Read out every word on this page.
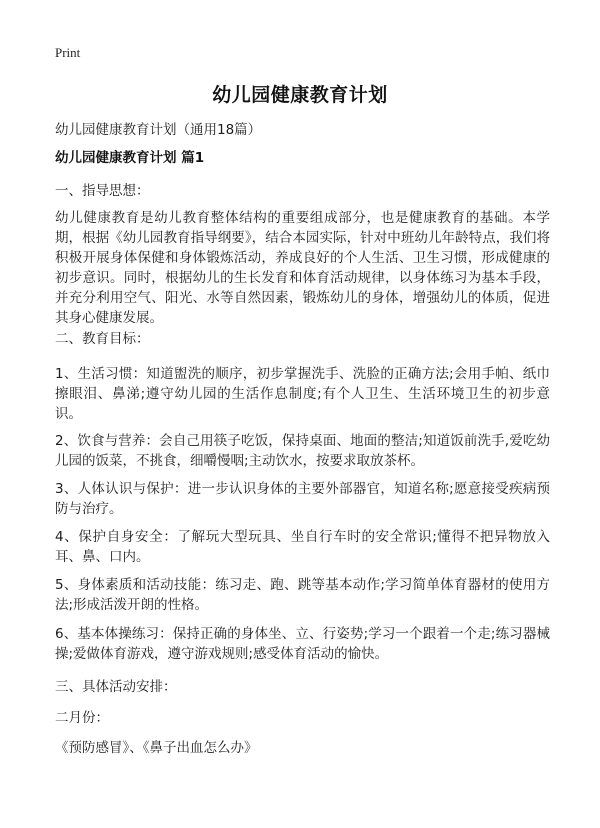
Print
幼儿园健康教育计划

幼儿园健康教育计划（通用18篇）

幼儿园健康教育计划 篇1

一、指导思想：

幼儿健康教育是幼儿教育整体结构的重要组成部分，也是健康教育的基础。本学期，根据《幼儿园教育指导纲要》，结合本园实际，针对中班幼儿年龄特点，我们将积极开展身体保健和身体锻炼活动，养成良好的个人生活、卫生习惯，形成健康的初步意识。同时，根据幼儿的生长发育和体育活动规律，以身体练习为基本手段，并充分利用空气、阳光、水等自然因素，锻炼幼儿的身体，增强幼儿的体质，促进其身心健康发展。

二、教育目标：

1、生活习惯：知道盥洗的顺序，初步掌握洗手、洗脸的正确方法;会用手帕、纸巾擦眼泪、鼻涕;遵守幼儿园的生活作息制度;有个人卫生、生活环境卫生的初步意识。

2、饮食与营养：会自己用筷子吃饭，保持桌面、地面的整洁;知道饭前洗手,爱吃幼儿园的饭菜，不挑食，细嚼慢咽;主动饮水，按要求取放茶杯。

3、人体认识与保护：进一步认识身体的主要外部器官，知道名称;愿意接受疾病预防与治疗。

4、保护自身安全：了解玩大型玩具、坐自行车时的安全常识;懂得不把异物放入耳、鼻、口内。

5、身体素质和活动技能：练习走、跑、跳等基本动作;学习简单体育器材的使用方法;形成活泼开朗的性格。

6、基本体操练习：保持正确的身体坐、立、行姿势;学习一个跟着一个走;练习器械操;爱做体育游戏，遵守游戏规则;感受体育活动的愉快。

三、具体活动安排：

二月份：

《预防感冒》、《鼻子出血怎么办》
